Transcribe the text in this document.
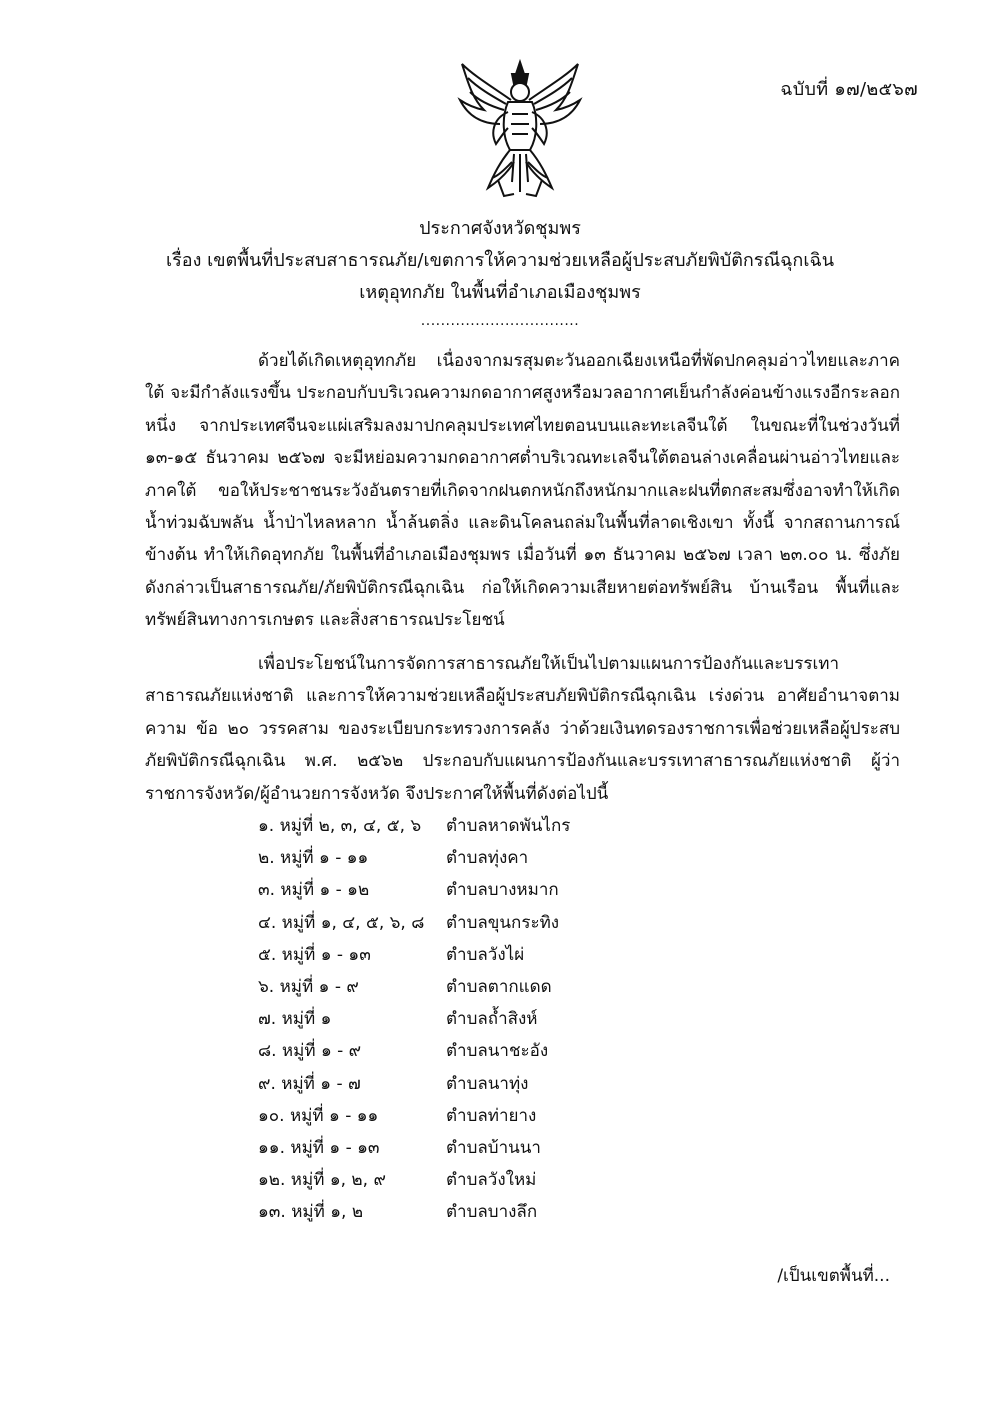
ฉบับที่ ๑๗/๒๕๖๗
ประกาศจังหวัดชุมพร
เรื่อง เขตพื้นที่ประสบสาธารณภัย/เขตการให้ความช่วยเหลือผู้ประสบภัยพิบัติกรณีฉุกเฉิน
เหตุอุทกภัย ในพื้นที่อำเภอเมืองชุมพร
................................

ด้วยได้เกิดเหตุอุทกภัย เนื่องจากมรสุมตะวันออกเฉียงเหนือที่พัดปกคลุมอ่าวไทยและภาคใต้ จะมีกำลังแรงขึ้น ประกอบกับบริเวณความกดอากาศสูงหรือมวลอากาศเย็นกำลังค่อนข้างแรงอีกระลอกหนึ่ง จากประเทศจีนจะแผ่เสริมลงมาปกคลุมประเทศไทยตอนบนและทะเลจีนใต้ ในขณะที่ในช่วงวันที่ ๑๓-๑๕ ธันวาคม ๒๕๖๗ จะมีหย่อมความกดอากาศต่ำบริเวณทะเลจีนใต้ตอนล่างเคลื่อนผ่านอ่าวไทยและภาคใต้ ขอให้ประชาชนระวังอันตรายที่เกิดจากฝนตกหนักถึงหนักมากและฝนที่ตกสะสมซึ่งอาจทำให้เกิดน้ำท่วมฉับพลัน น้ำป่าไหลหลาก น้ำล้นตลิ่ง และดินโคลนถล่มในพื้นที่ลาดเชิงเขา ทั้งนี้ จากสถานการณ์ข้างต้น ทำให้เกิดอุทกภัย ในพื้นที่อำเภอเมืองชุมพร เมื่อวันที่ ๑๓ ธันวาคม ๒๕๖๗ เวลา ๒๓.๐๐ น. ซึ่งภัยดังกล่าวเป็นสาธารณภัย/ภัยพิบัติกรณีฉุกเฉิน ก่อให้เกิดความเสียหายต่อทรัพย์สิน บ้านเรือน พื้นที่และทรัพย์สินทางการเกษตร และสิ่งสาธารณประโยชน์

เพื่อประโยชน์ในการจัดการสาธารณภัยให้เป็นไปตามแผนการป้องกันและบรรเทาสาธารณภัยแห่งชาติ และการให้ความช่วยเหลือผู้ประสบภัยพิบัติกรณีฉุกเฉิน เร่งด่วน อาศัยอำนาจตามความ ข้อ ๒๐ วรรคสาม ของระเบียบกระทรวงการคลัง ว่าด้วยเงินทดรองราชการเพื่อช่วยเหลือผู้ประสบภัยพิบัติกรณีฉุกเฉิน พ.ศ. ๒๕๖๒ ประกอบกับแผนการป้องกันและบรรเทาสาธารณภัยแห่งชาติ ผู้ว่าราชการจังหวัด/ผู้อำนวยการจังหวัด จึงประกาศให้พื้นที่ดังต่อไปนี้

๑. หมู่ที่ ๒, ๓, ๔, ๕, ๖	ตำบลหาดพันไกร
๒. หมู่ที่ ๑ - ๑๑	ตำบลทุ่งคา
๓. หมู่ที่ ๑ - ๑๒	ตำบลบางหมาก
๔. หมู่ที่ ๑, ๔, ๕, ๖, ๘	ตำบลขุนกระทิง
๕. หมู่ที่ ๑ - ๑๓	ตำบลวังไผ่
๖. หมู่ที่ ๑ - ๙	ตำบลตากแดด
๗. หมู่ที่ ๑	ตำบลถ้ำสิงห์
๘. หมู่ที่ ๑ - ๙	ตำบลนาชะอัง
๙. หมู่ที่ ๑ - ๗	ตำบลนาทุ่ง
๑๐. หมู่ที่ ๑ - ๑๑	ตำบลท่ายาง
๑๑. หมู่ที่ ๑ - ๑๓	ตำบลบ้านนา
๑๒. หมู่ที่ ๑, ๒, ๙	ตำบลวังใหม่
๑๓. หมู่ที่ ๑, ๒	ตำบลบางลึก
/เป็นเขตพื้นที่...
